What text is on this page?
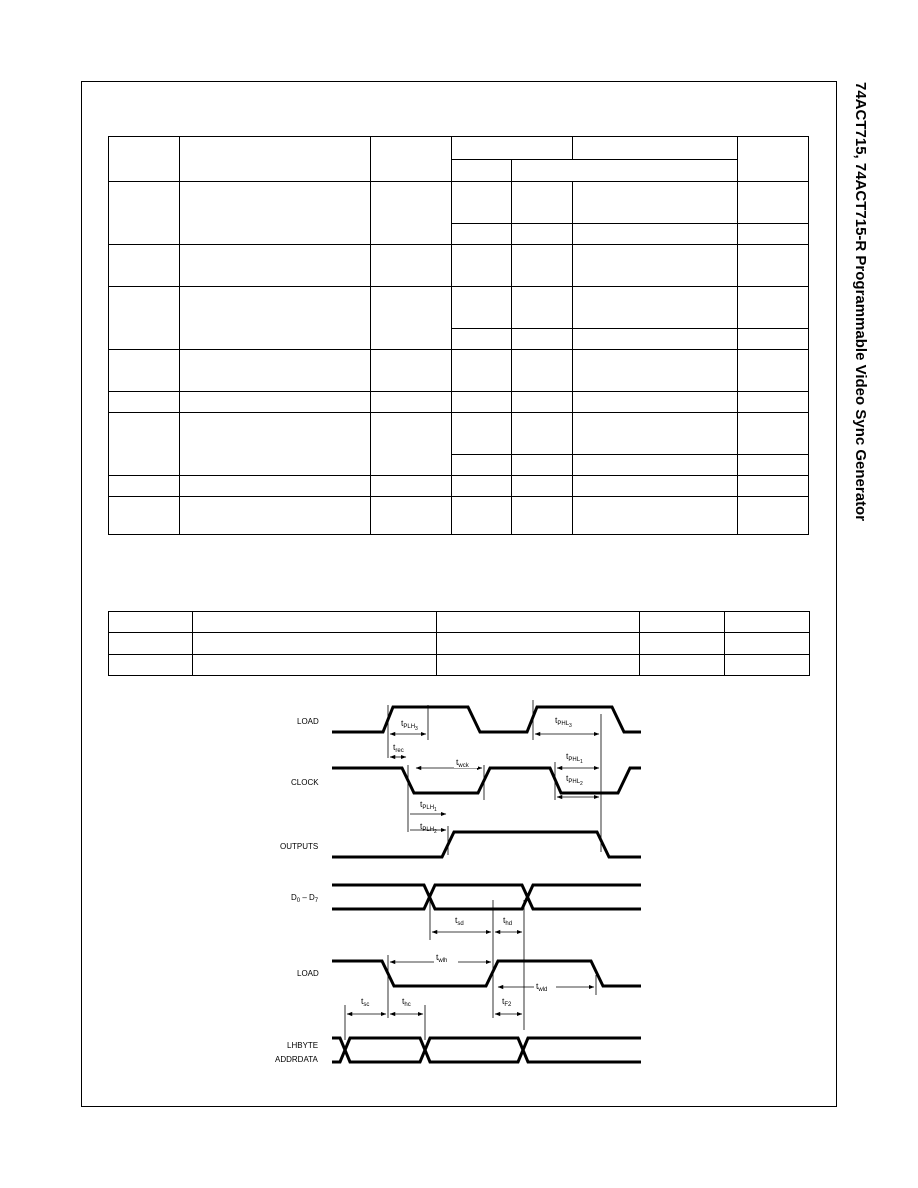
74ACT715, 74ACT715-R Programmable Video Sync Generator

LOAD
CLOCK
OUTPUTS
$D_0 - D_7$
LOAD
LHBYTE
ADDRDATA
$t_{PLH3}$
$t_{PHL3}$
$t_{rec}$
$t_{wck}$
$t_{PHL1}$
$t_{PHL2}$
$t_{PLH1}$
$t_{PLH2}$
$t_{sd}$	$t_{hd}$
$t_{wlh}$
$t_{wld}$
$t_{sc}$	$t_{hc}$	$t_{F2}$
